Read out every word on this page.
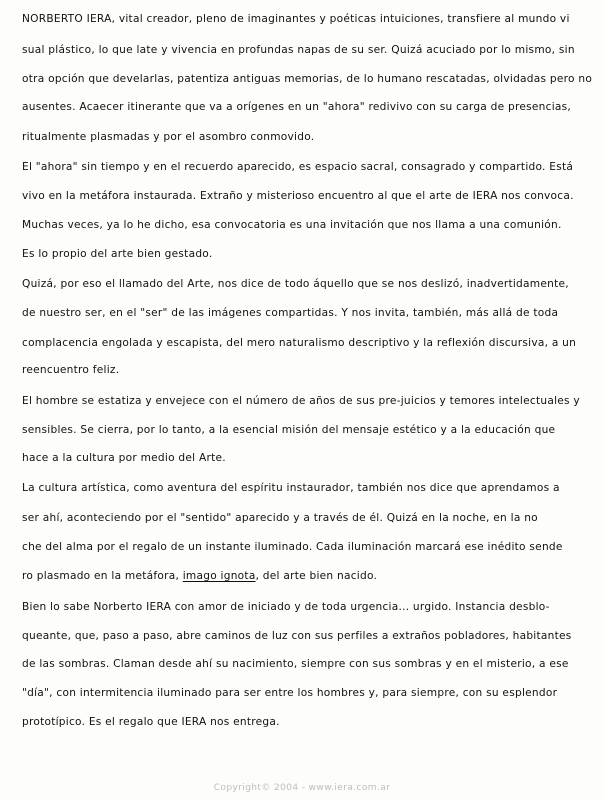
NORBERTO IERA, vital creador, pleno de imaginantes y poéticas intuiciones, transfiere al mundo vi
sual plástico, lo que late y vivencia en profundas napas de su ser. Quizá acuciado por lo mismo, sin
otra opción que develarlas, patentiza antiguas memorias, de lo humano rescatadas, olvidadas pero no
ausentes. Acaecer itinerante que va a orígenes en un "ahora" redivivo con su carga de presencias,
ritualmente plasmadas y por el asombro conmovido.
El "ahora" sin tiempo y en el recuerdo aparecido, es espacio sacral, consagrado y compartido. Está
vivo en la metáfora instaurada. Extraño y misterioso encuentro al que el arte de IERA nos convoca.
Muchas veces, ya lo he dicho, esa convocatoria es una invitación que nos llama a una comunión.
Es lo propio del arte bien gestado.
Quizá, por eso el llamado del Arte, nos dice de todo áquello que se nos deslizó, inadvertidamente,
de nuestro ser, en el "ser" de las imágenes compartidas. Y nos invita, también, más allá de toda
complacencia engolada y escapista, del mero naturalismo descriptivo y la reflexión discursiva, a un
reencuentro feliz.
El hombre se estatiza y envejece con el número de años de sus pre-juicios y temores intelectuales y
sensibles. Se cierra, por lo tanto, a la esencial misión del mensaje estético y a la educación que
hace a la cultura por medio del Arte.
La cultura artística, como aventura del espíritu instaurador, también nos dice que aprendamos a
ser ahí, aconteciendo por el "sentido" aparecido y a través de él. Quizá en la noche, en la no
che del alma por el regalo de un instante iluminado. Cada iluminación marcará ese inédito sende
ro plasmado en la metáfora, imago ignota, del arte bien nacido.
Bien lo sabe Norberto IERA con amor de iniciado y de toda urgencia... urgido. Instancia desblo-
queante, que, paso a paso, abre caminos de luz con sus perfiles a extraños pobladores, habitantes
de las sombras. Claman desde ahí su nacimiento, siempre con sus sombras y en el misterio, a ese
"día", con intermitencia iluminado para ser entre los hombres y, para siempre, con su esplendor
prototípico. Es el regalo que IERA nos entrega.
Copyright© 2004 - www.iera.com.ar
